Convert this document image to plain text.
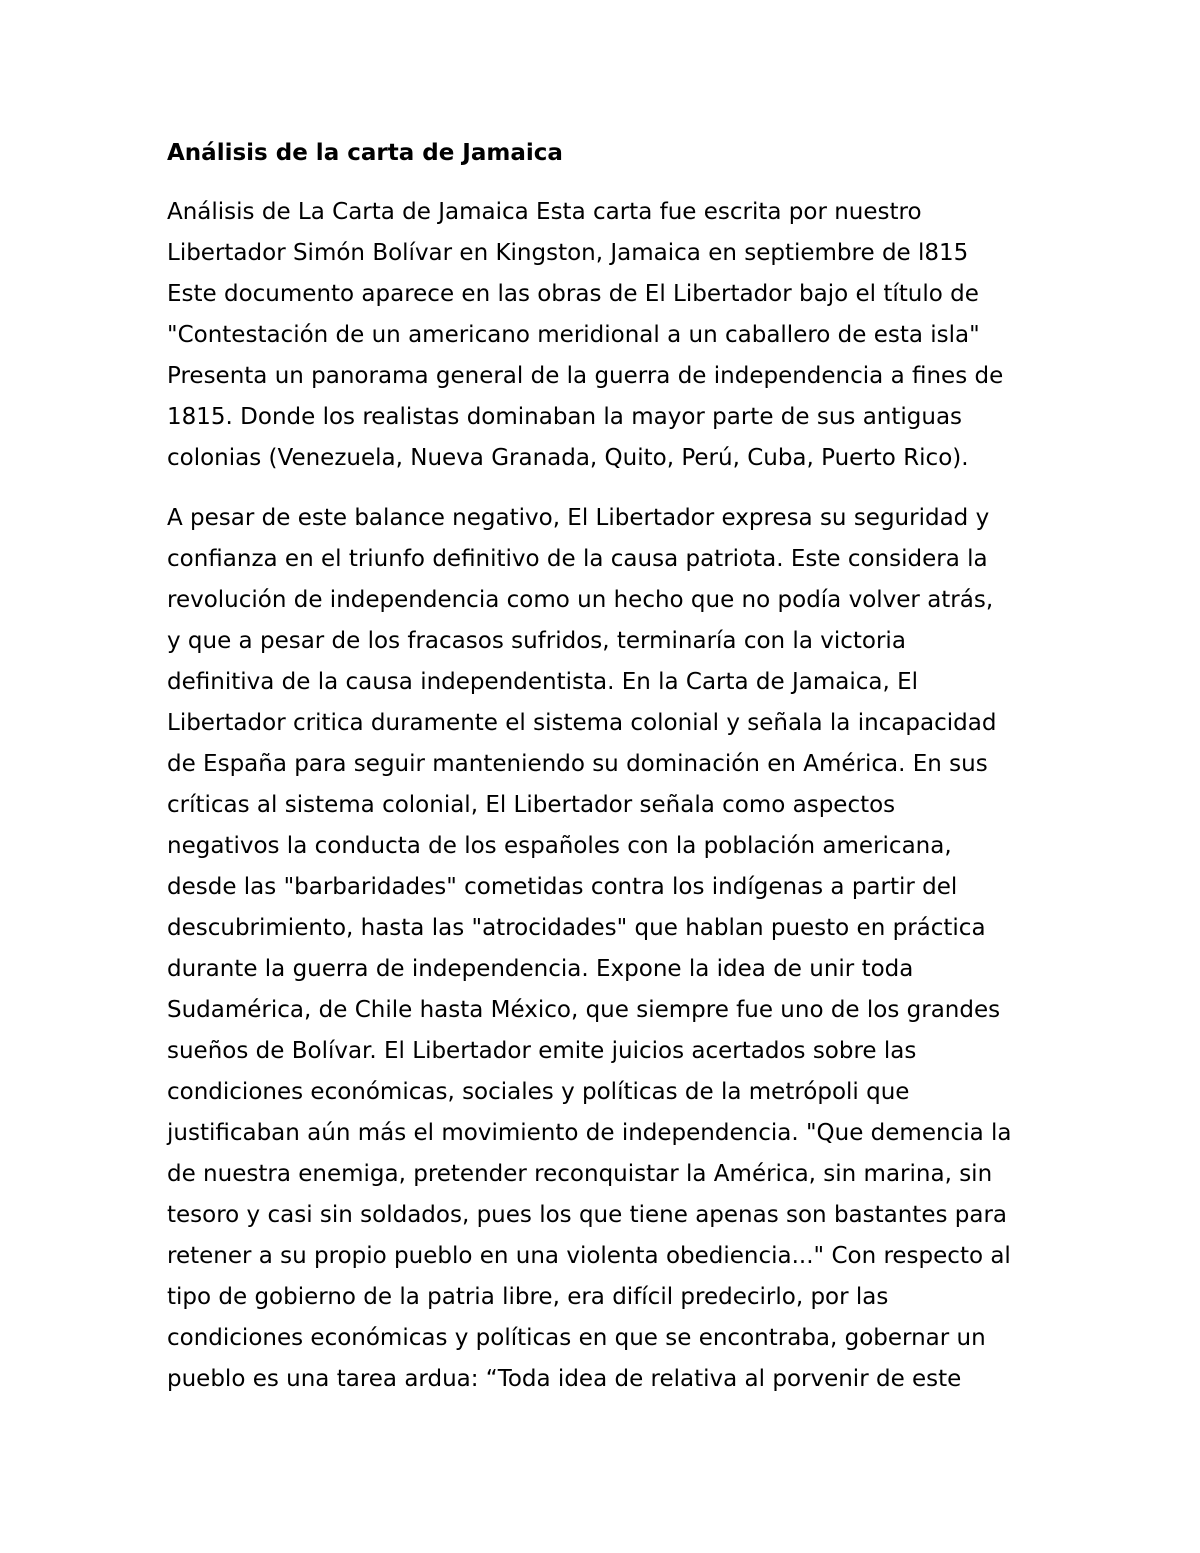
Análisis de la carta de Jamaica
Análisis de La Carta de Jamaica Esta carta fue escrita por nuestro
Libertador Simón Bolívar en Kingston, Jamaica en septiembre de l815
Este documento aparece en las obras de El Libertador bajo el título de
"Contestación de un americano meridional a un caballero de esta isla"
Presenta un panorama general de la guerra de independencia a fines de
1815. Donde los realistas dominaban la mayor parte de sus antiguas
colonias (Venezuela, Nueva Granada, Quito, Perú, Cuba, Puerto Rico).
A pesar de este balance negativo, El Libertador expresa su seguridad y
confianza en el triunfo definitivo de la causa patriota. Este considera la
revolución de independencia como un hecho que no podía volver atrás,
y que a pesar de los fracasos sufridos, terminaría con la victoria
definitiva de la causa independentista. En la Carta de Jamaica, El
Libertador critica duramente el sistema colonial y señala la incapacidad
de España para seguir manteniendo su dominación en América. En sus
críticas al sistema colonial, El Libertador señala como aspectos
negativos la conducta de los españoles con la población americana,
desde las "barbaridades" cometidas contra los indígenas a partir del
descubrimiento, hasta las "atrocidades" que hablan puesto en práctica
durante la guerra de independencia. Expone la idea de unir toda
Sudamérica, de Chile hasta México, que siempre fue uno de los grandes
sueños de Bolívar. El Libertador emite juicios acertados sobre las
condiciones económicas, sociales y políticas de la metrópoli que
justificaban aún más el movimiento de independencia. "Que demencia la
de nuestra enemiga, pretender reconquistar la América, sin marina, sin
tesoro y casi sin soldados, pues los que tiene apenas son bastantes para
retener a su propio pueblo en una violenta obediencia..." Con respecto al
tipo de gobierno de la patria libre, era difícil predecirlo, por las
condiciones económicas y políticas en que se encontraba, gobernar un
pueblo es una tarea ardua: “Toda idea de relativa al porvenir de este
